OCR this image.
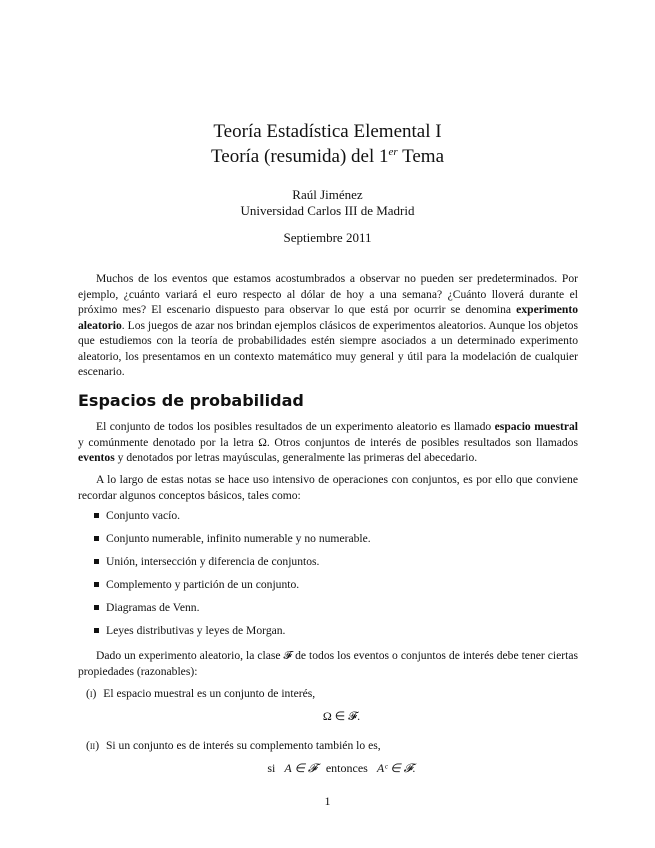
Teoría Estadística Elemental I
Teoría (resumida) del 1er Tema
Raúl Jiménez
Universidad Carlos III de Madrid
Septiembre 2011
Muchos de los eventos que estamos acostumbrados a observar no pueden ser predeterminados. Por ejemplo, ¿cuánto variará el euro respecto al dólar de hoy a una semana? ¿Cuánto lloverá durante el próximo mes? El escenario dispuesto para observar lo que está por ocurrir se denomina experimento aleatorio. Los juegos de azar nos brindan ejemplos clásicos de experimentos aleatorios. Aunque los objetos que estudiemos con la teoría de probabilidades estén siempre asociados a un determinado experimento aleatorio, los presentamos en un contexto matemático muy general y útil para la modelación de cualquier escenario.
Espacios de probabilidad
El conjunto de todos los posibles resultados de un experimento aleatorio es llamado espacio muestral y comúnmente denotado por la letra Ω. Otros conjuntos de interés de posibles resultados son llamados eventos y denotados por letras mayúsculas, generalmente las primeras del abecedario.
A lo largo de estas notas se hace uso intensivo de operaciones con conjuntos, es por ello que conviene recordar algunos conceptos básicos, tales como:
Conjunto vacío.
Conjunto numerable, infinito numerable y no numerable.
Unión, intersección y diferencia de conjuntos.
Complemento y partición de un conjunto.
Diagramas de Venn.
Leyes distributivas y leyes de Morgan.
Dado un experimento aleatorio, la clase 𝓕 de todos los eventos o conjuntos de interés debe tener ciertas propiedades (razonables):
(i) El espacio muestral es un conjunto de interés,
Ω ∈ 𝓕.
(ii) Si un conjunto es de interés su complemento también lo es,
si A ∈ 𝓕 entonces Aᶜ ∈ 𝓕.
1
